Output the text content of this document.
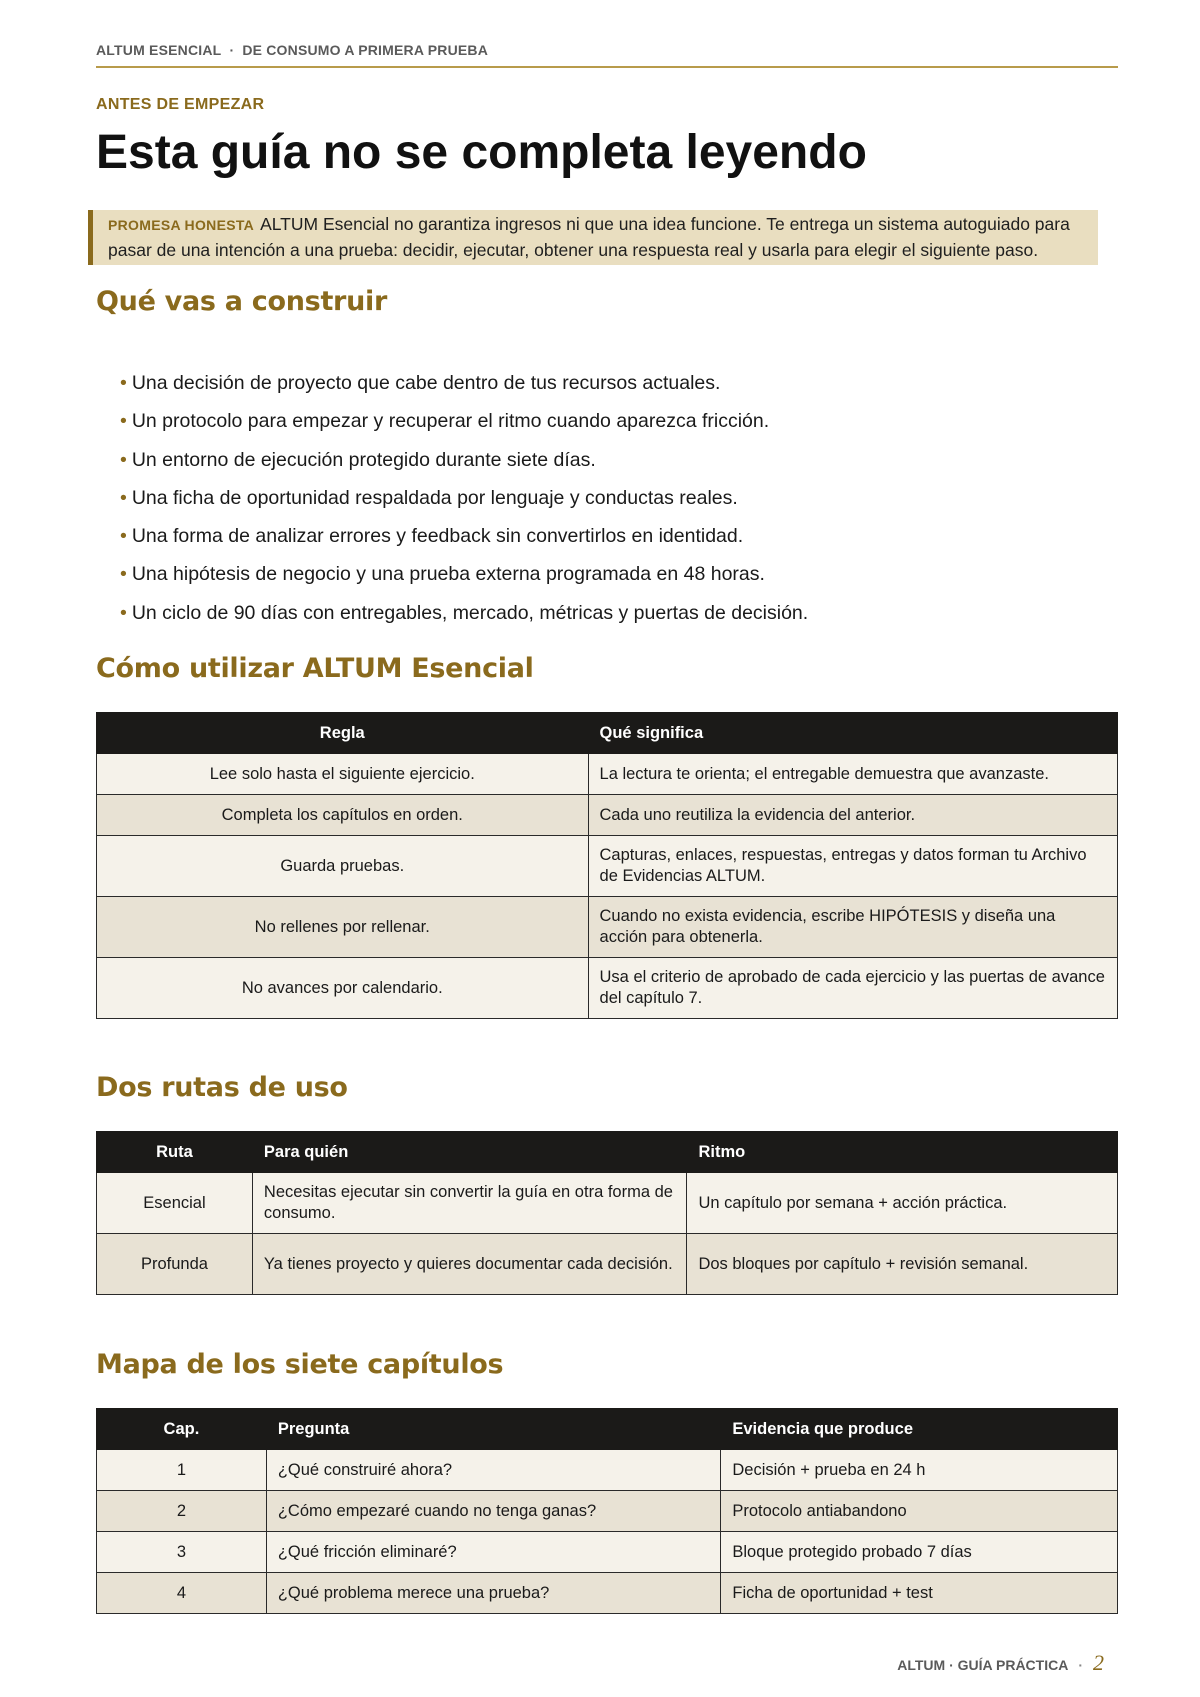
ALTUM ESENCIAL · DE CONSUMO A PRIMERA PRUEBA
ANTES DE EMPEZAR
Esta guía no se completa leyendo
PROMESA HONESTA ALTUM Esencial no garantiza ingresos ni que una idea funcione. Te entrega un sistema autoguiado para pasar de una intención a una prueba: decidir, ejecutar, obtener una respuesta real y usarla para elegir el siguiente paso.
Qué vas a construir
• Una decisión de proyecto que cabe dentro de tus recursos actuales.
• Un protocolo para empezar y recuperar el ritmo cuando aparezca fricción.
• Un entorno de ejecución protegido durante siete días.
• Una ficha de oportunidad respaldada por lenguaje y conductas reales.
• Una forma de analizar errores y feedback sin convertirlos en identidad.
• Una hipótesis de negocio y una prueba externa programada en 48 horas.
• Un ciclo de 90 días con entregables, mercado, métricas y puertas de decisión.
Cómo utilizar ALTUM Esencial
Regla	Qué significa
Lee solo hasta el siguiente ejercicio.	La lectura te orienta; el entregable demuestra que avanzaste.
Completa los capítulos en orden.	Cada uno reutiliza la evidencia del anterior.
Guarda pruebas.	Capturas, enlaces, respuestas, entregas y datos forman tu Archivo de Evidencias ALTUM.
No rellenes por rellenar.	Cuando no exista evidencia, escribe HIPÓTESIS y diseña una acción para obtenerla.
No avances por calendario.	Usa el criterio de aprobado de cada ejercicio y las puertas de avance del capítulo 7.
Dos rutas de uso
Ruta	Para quién	Ritmo
Esencial	Necesitas ejecutar sin convertir la guía en otra forma de consumo.	Un capítulo por semana + acción práctica.
Profunda	Ya tienes proyecto y quieres documentar cada decisión.	Dos bloques por capítulo + revisión semanal.
Mapa de los siete capítulos
Cap.	Pregunta	Evidencia que produce
1	¿Qué construiré ahora?	Decisión + prueba en 24 h
2	¿Cómo empezaré cuando no tenga ganas?	Protocolo antiabandono
3	¿Qué fricción eliminaré?	Bloque protegido probado 7 días
4	¿Qué problema merece una prueba?	Ficha de oportunidad + test
ALTUM · GUÍA PRÁCTICA · 2
